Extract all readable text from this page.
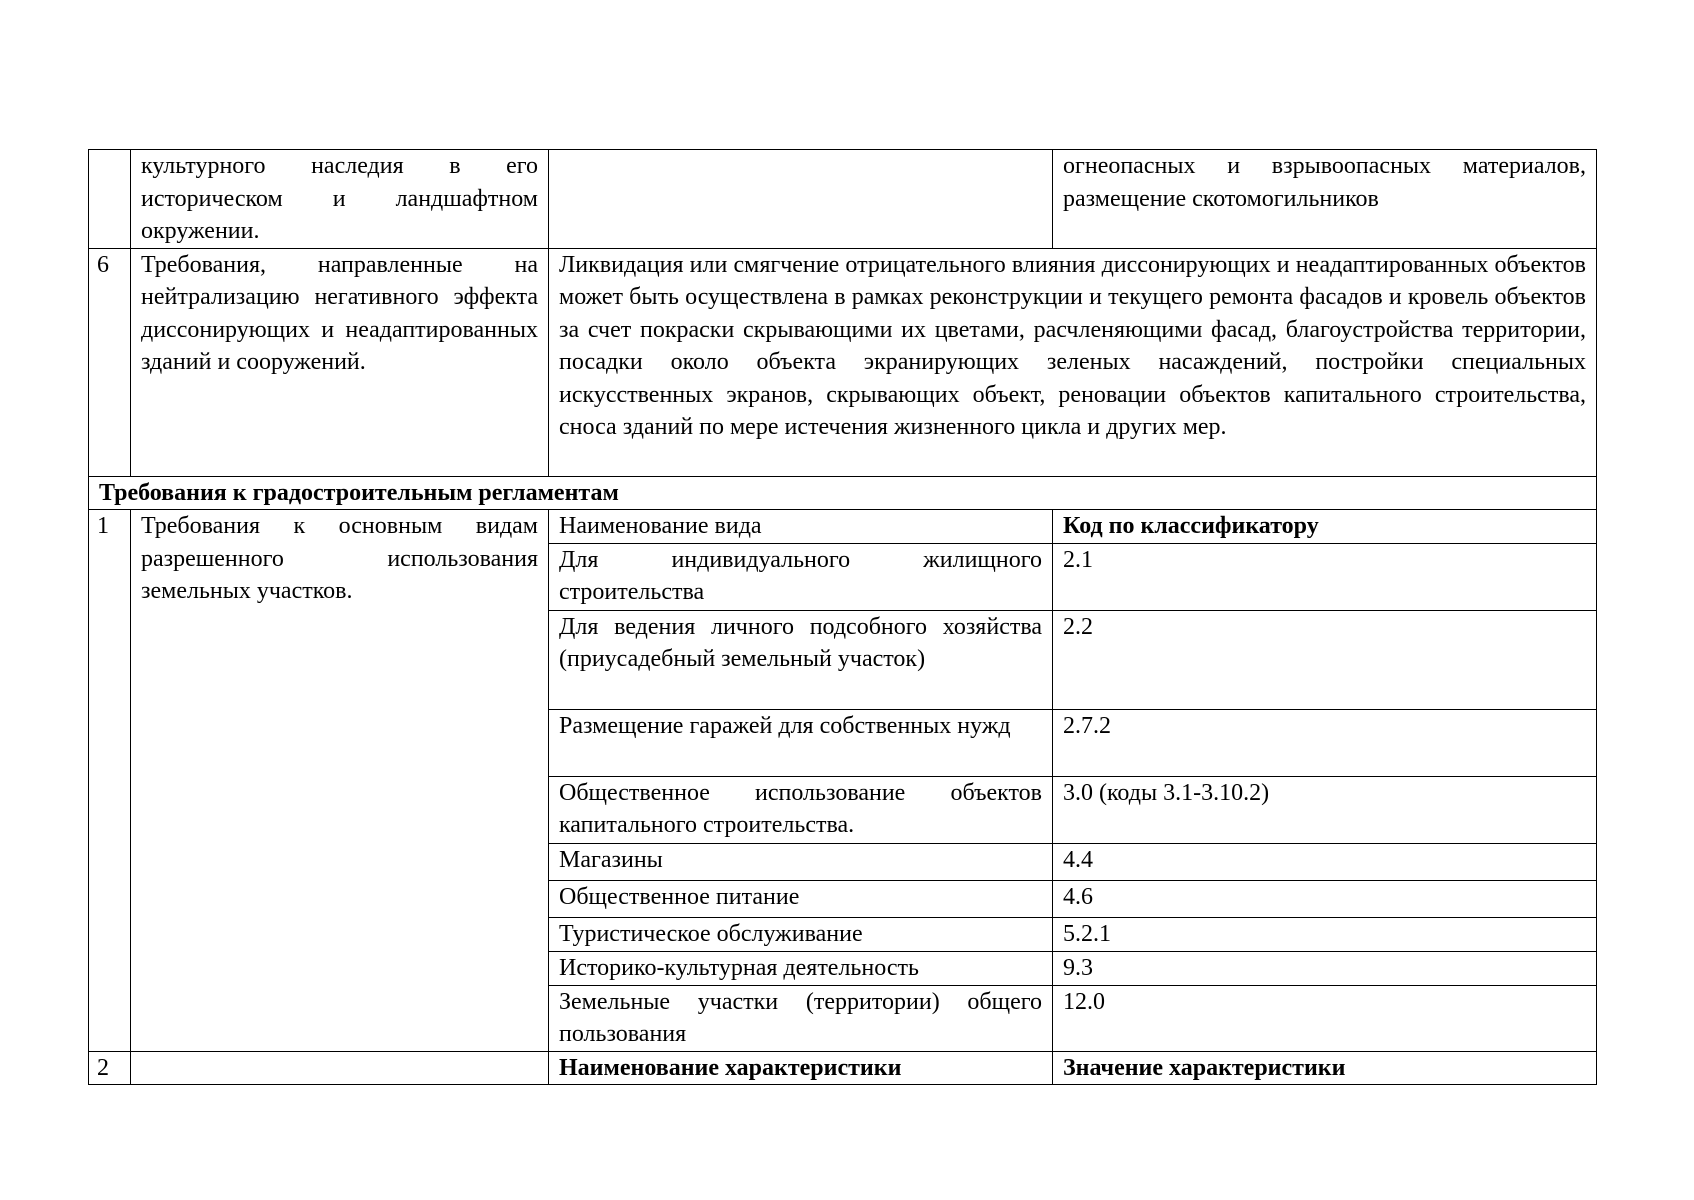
	культурного наследия в его историческом и ландшафтном окружении.		огнеопасных и взрывоопасных материалов, размещение скотомогильников
6	Требования, направленные на нейтрализацию негативного эффекта диссонирующих и неадаптированных зданий и сооружений.	Ликвидация или смягчение отрицательного влияния диссонирующих и неадаптированных объектов может быть осуществлена в рамках реконструкции и текущего ремонта фасадов и кровель объектов за счет покраски скрывающими их цветами, расчленяющими фасад, благоустройства территории, посадки около объекта экранирующих зеленых насаждений, постройки специальных искусственных экранов, скрывающих объект, реновации объектов капитального строительства, сноса зданий по мере истечения жизненного цикла и других мер.	
Требования к градостроительным регламентам			
1	Требования к основным видам разрешенного использования земельных участков.	Наименование вида	Код по классификатору
		Для индивидуального жилищного строительства	2.1
		Для ведения личного подсобного хозяйства (приусадебный земельный участок)	2.2
		Размещение гаражей для собственных нужд	2.7.2
		Общественное использование объектов капитального строительства.	3.0 (коды 3.1-3.10.2)
		Магазины	4.4
		Общественное питание	4.6
		Туристическое обслуживание	5.2.1
		Историко-культурная деятельность	9.3
		Земельные участки (территории) общего пользования	12.0
2		Наименование характеристики	Значение характеристики
